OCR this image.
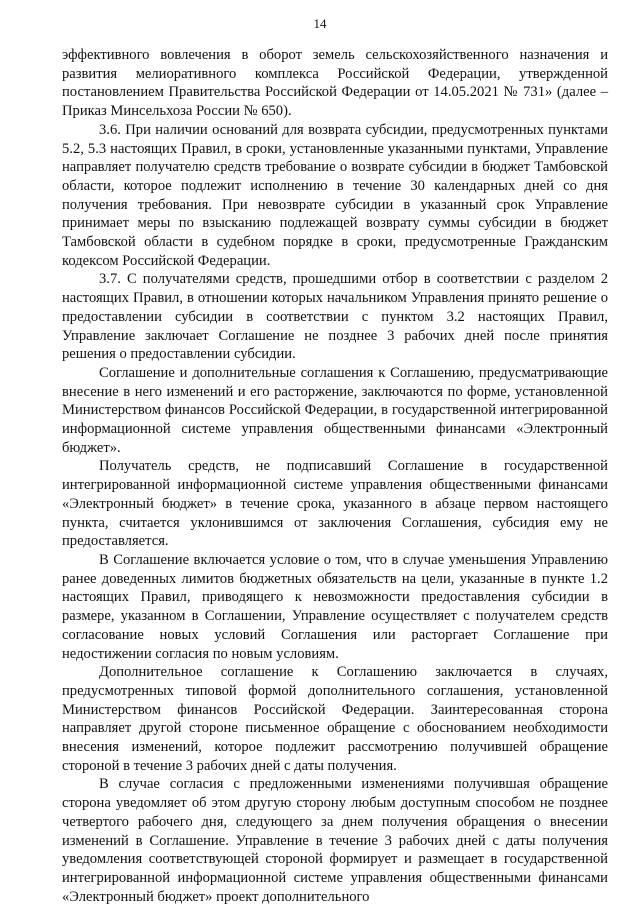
14

эффективного вовлечения в оборот земель сельскохозяйственного назначения и развития мелиоративного комплекса Российской Федерации, утвержденной постановлением Правительства Российской Федерации от 14.05.2021 № 731» (далее – Приказ Минсельхоза России № 650).

3.6. При наличии оснований для возврата субсидии, предусмотренных пунктами 5.2, 5.3 настоящих Правил, в сроки, установленные указанными пунктами, Управление направляет получателю средств требование о возврате субсидии в бюджет Тамбовской области, которое подлежит исполнению в течение 30 календарных дней со дня получения требования. При невозврате субсидии в указанный срок Управление принимает меры по взысканию подлежащей возврату суммы субсидии в бюджет Тамбовской области в судебном порядке в сроки, предусмотренные Гражданским кодексом Российской Федерации.

3.7. С получателями средств, прошедшими отбор в соответствии с разделом 2 настоящих Правил, в отношении которых начальником Управления принято решение о предоставлении субсидии в соответствии с пунктом 3.2 настоящих Правил, Управление заключает Соглашение не позднее 3 рабочих дней после принятия решения о предоставлении субсидии.

Соглашение и дополнительные соглашения к Соглашению, предусматривающие внесение в него изменений и его расторжение, заключаются по форме, установленной Министерством финансов Российской Федерации, в государственной интегрированной информационной системе управления общественными финансами «Электронный бюджет».

Получатель средств, не подписавший Соглашение в государственной интегрированной информационной системе управления общественными финансами «Электронный бюджет» в течение срока, указанного в абзаце первом настоящего пункта, считается уклонившимся от заключения Соглашения, субсидия ему не предоставляется.

В Соглашение включается условие о том, что в случае уменьшения Управлению ранее доведенных лимитов бюджетных обязательств на цели, указанные в пункте 1.2 настоящих Правил, приводящего к невозможности предоставления субсидии в размере, указанном в Соглашении, Управление осуществляет с получателем средств согласование новых условий Соглашения или расторгает Соглашение при недостижении согласия по новым условиям.

Дополнительное соглашение к Соглашению заключается в случаях, предусмотренных типовой формой дополнительного соглашения, установленной Министерством финансов Российской Федерации. Заинтересованная сторона направляет другой стороне письменное обращение с обоснованием необходимости внесения изменений, которое подлежит рассмотрению получившей обращение стороной в течение 3 рабочих дней с даты получения.

В случае согласия с предложенными изменениями получившая обращение сторона уведомляет об этом другую сторону любым доступным способом не позднее четвертого рабочего дня, следующего за днем получения обращения о внесении изменений в Соглашение. Управление в течение 3 рабочих дней с даты получения уведомления соответствующей стороной формирует и размещает в государственной интегрированной информационной системе управления общественными финансами «Электронный бюджет» проект дополнительного
